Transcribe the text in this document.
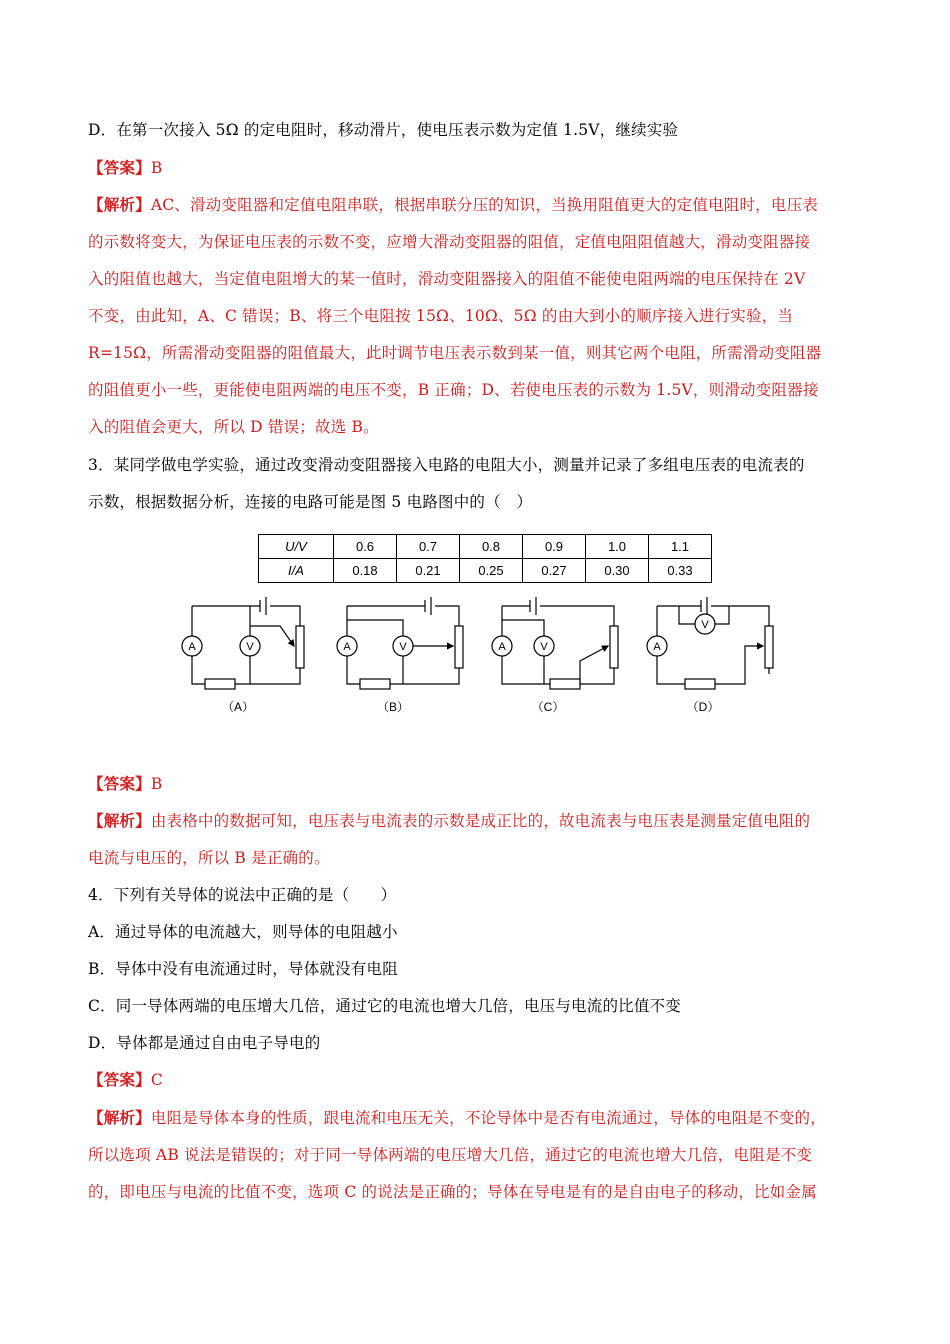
D．在第一次接入 5Ω 的定电阻时，移动滑片，使电压表示数为定值 1.5V，继续实验
【答案】B
【解析】AC、滑动变阻器和定值电阻串联，根据串联分压的知识，当换用阻值更大的定值电阻时，电压表
的示数将变大，为保证电压表的示数不变，应增大滑动变阻器的阻值，定值电阻阻值越大，滑动变阻器接
入的阻值也越大，当定值电阻增大的某一值时，滑动变阻器接入的阻值不能使电阻两端的电压保持在 2V
不变，由此知，A、C 错误；B、将三个电阻按 15Ω、10Ω、5Ω 的由大到小的顺序接入进行实验，当
R=15Ω，所需滑动变阻器的阻值最大，此时调节电压表示数到某一值，则其它两个电阻，所需滑动变阻器
的阻值更小一些，更能使电阻两端的电压不变，B 正确；D、若使电压表的示数为 1.5V，则滑动变阻器接
入的阻值会更大，所以 D 错误；故选 B。
3．某同学做电学实验，通过改变滑动变阻器接入电路的电阻大小，测量并记录了多组电压表的电流表的
示数，根据数据分析，连接的电路可能是图 5 电路图中的（　）
U/V	0.6	0.7	0.8	0.9	1.0	1.1
I/A	0.18	0.21	0.25	0.27	0.30	0.33
A	V	A	V	A	V	A
V
（A）	（B）	（C）	（D）
【答案】B
【解析】由表格中的数据可知，电压表与电流表的示数是成正比的，故电流表与电压表是测量定值电阻的
电流与电压的，所以 B 是正确的。
4．下列有关导体的说法中正确的是（　　）
A．通过导体的电流越大，则导体的电阻越小
B．导体中没有电流通过时，导体就没有电阻
C．同一导体两端的电压增大几倍，通过它的电流也增大几倍，电压与电流的比值不变
D．导体都是通过自由电子导电的
【答案】C
【解析】电阻是导体本身的性质，跟电流和电压无关，不论导体中是否有电流通过，导体的电阻是不变的，
所以选项 AB 说法是错误的；对于同一导体两端的电压增大几倍，通过它的电流也增大几倍，电阻是不变
的，即电压与电流的比值不变，选项 C 的说法是正确的；导体在导电是有的是自由电子的移动，比如金属
